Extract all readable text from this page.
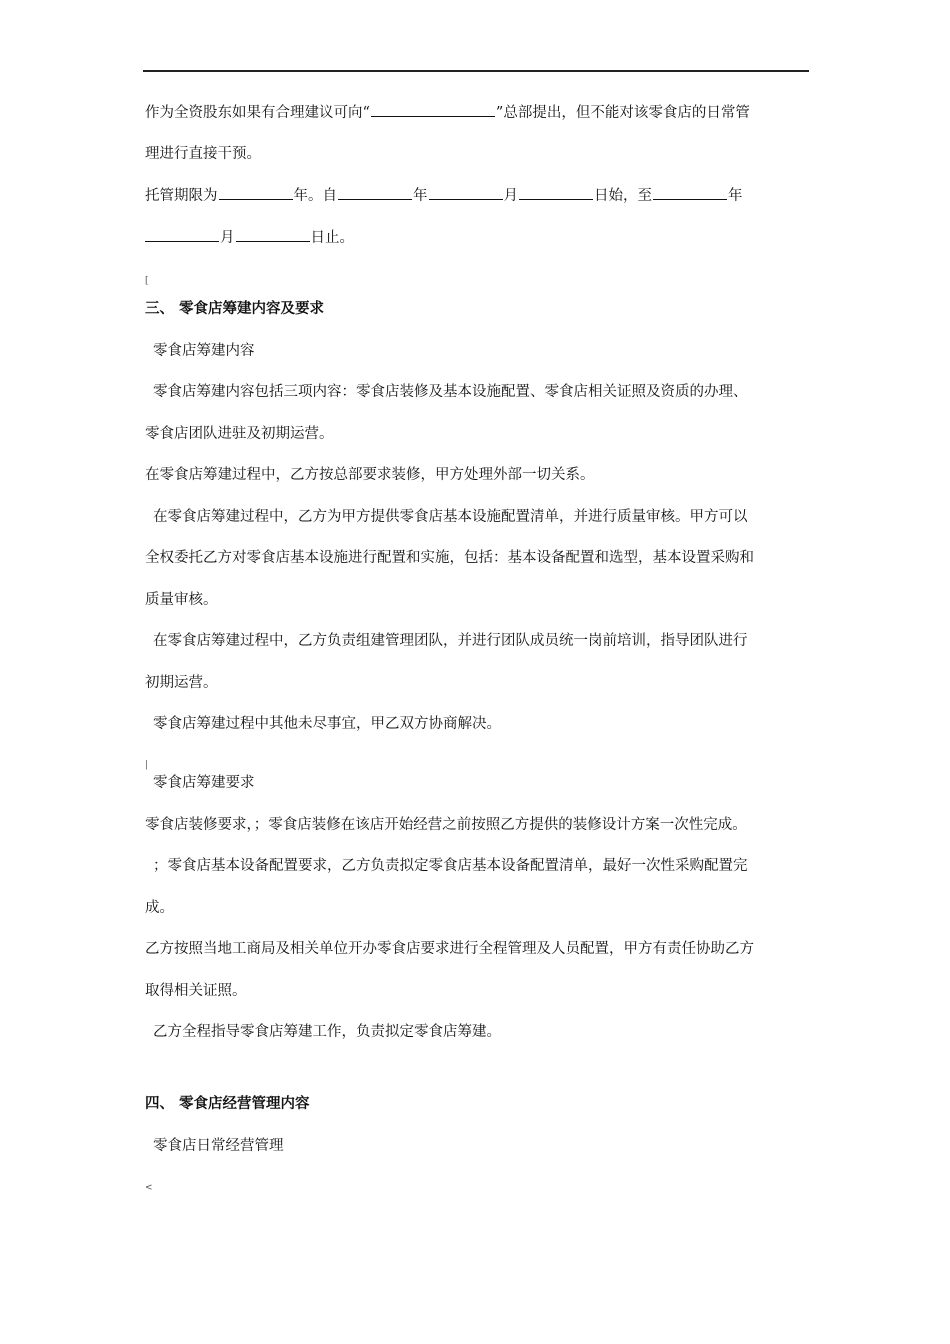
作为全资股东如果有合理建议可向“	”总部提出，但不能对该零食店的日常管
理进行直接干预。
托管期限为	年。自	年	月	日始，至	年
月	日止。
[
三、 零食店筹建内容及要求
零食店筹建内容
零食店筹建内容包括三项内容：零食店装修及基本设施配置、零食店相关证照及资质的办理、
零食店团队进驻及初期运营。
在零食店筹建过程中，乙方按总部要求装修，甲方处理外部一切关系。
在零食店筹建过程中，乙方为甲方提供零食店基本设施配置清单，并进行质量审核。甲方可以
全权委托乙方对零食店基本设施进行配置和实施，包括：基本设备配置和选型，基本设置采购和
质量审核。
在零食店筹建过程中，乙方负责组建管理团队，并进行团队成员统一岗前培训，指导团队进行
初期运营。
零食店筹建过程中其他未尽事宜，甲乙双方协商解决。
|
零食店筹建要求
零食店装修要求，；零食店装修在该店开始经营之前按照乙方提供的装修设计方案一次性完成。
；零食店基本设备配置要求，乙方负责拟定零食店基本设备配置清单，最好一次性采购配置完
成。
乙方按照当地工商局及相关单位开办零食店要求进行全程管理及人员配置，甲方有责任协助乙方
取得相关证照。
乙方全程指导零食店筹建工作，负责拟定零食店筹建。
四、 零食店经营管理内容
零食店日常经营管理
<
